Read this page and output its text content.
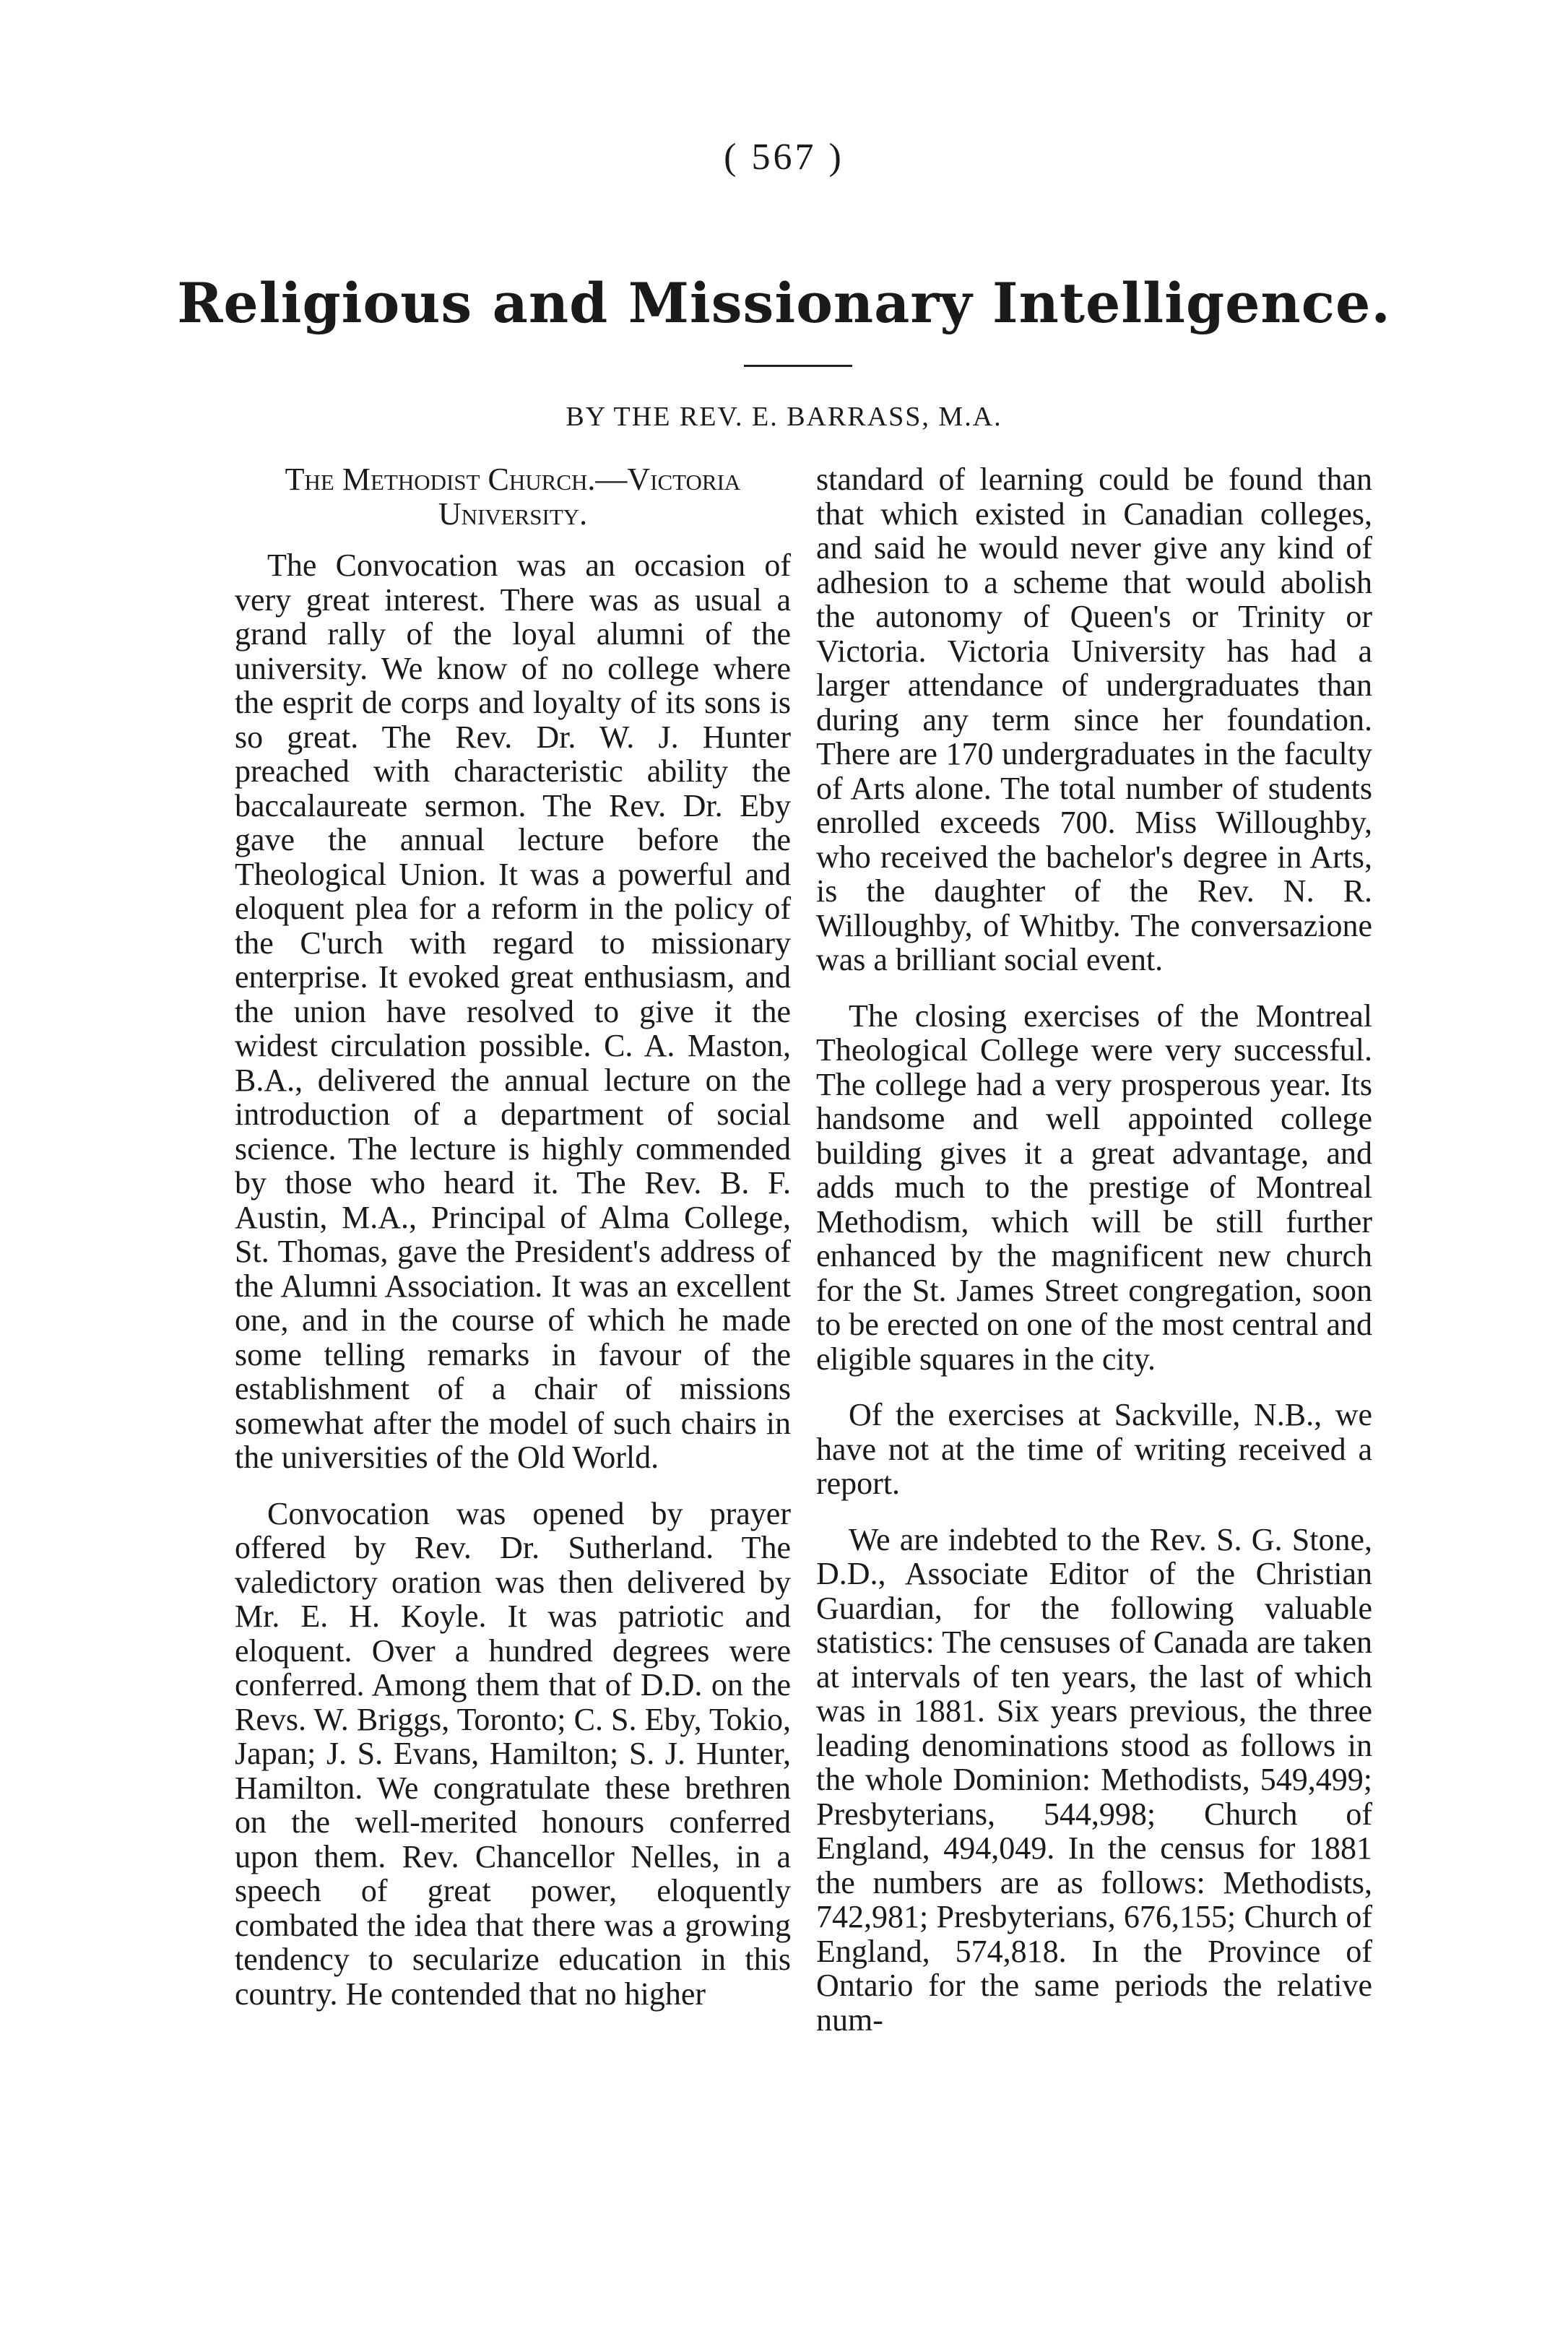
( 567 )
Religious and Missionary Intelligence.
BY THE REV. E. BARRASS, M.A.
The Methodist Church.—Victoria University.

The Convocation was an occasion of very great interest. There was as usual a grand rally of the loyal alumni of the university. We know of no college where the esprit de corps and loyalty of its sons is so great. The Rev. Dr. W. J. Hunter preached with characteristic ability the baccalaureate sermon. The Rev. Dr. Eby gave the annual lecture before the Theological Union. It was a powerful and eloquent plea for a reform in the policy of the C'urch with regard to missionary enterprise. It evoked great enthusiasm, and the union have resolved to give it the widest circulation possible. C. A. Maston, B.A., delivered the annual lecture on the introduction of a department of social science. The lecture is highly commended by those who heard it. The Rev. B. F. Austin, M.A., Principal of Alma College, St. Thomas, gave the President's address of the Alumni Association. It was an excellent one, and in the course of which he made some telling remarks in favour of the establishment of a chair of missions somewhat after the model of such chairs in the universities of the Old World.

Convocation was opened by prayer offered by Rev. Dr. Sutherland. The valedictory oration was then delivered by Mr. E. H. Koyle. It was patriotic and eloquent. Over a hundred degrees were conferred. Among them that of D.D. on the Revs. W. Briggs, Toronto; C. S. Eby, Tokio, Japan; J. S. Evans, Hamilton; S. J. Hunter, Hamilton. We congratulate these brethren on the well-merited honours conferred upon them. Rev. Chancellor Nelles, in a speech of great power, eloquently combated the idea that there was a growing tendency to secularize education in this country. He contended that no higher

standard of learning could be found than that which existed in Canadian colleges, and said he would never give any kind of adhesion to a scheme that would abolish the autonomy of Queen's or Trinity or Victoria. Victoria University has had a larger attendance of undergraduates than during any term since her foundation. There are 170 undergraduates in the faculty of Arts alone. The total number of students enrolled exceeds 700. Miss Willoughby, who received the bachelor's degree in Arts, is the daughter of the Rev. N. R. Willoughby, of Whitby. The conversazione was a brilliant social event.

The closing exercises of the Montreal Theological College were very successful. The college had a very prosperous year. Its handsome and well appointed college building gives it a great advantage, and adds much to the prestige of Montreal Methodism, which will be still further enhanced by the magnificent new church for the St. James Street congregation, soon to be erected on one of the most central and eligible squares in the city.

Of the exercises at Sackville, N.B., we have not at the time of writing received a report.

We are indebted to the Rev. S. G. Stone, D.D., Associate Editor of the Christian Guardian, for the following valuable statistics: The censuses of Canada are taken at intervals of ten years, the last of which was in 1881. Six years previous, the three leading denominations stood as follows in the whole Dominion: Methodists, 549,499; Presbyterians, 544,998; Church of England, 494,049. In the census for 1881 the numbers are as follows: Methodists, 742,981; Presbyterians, 676,155; Church of England, 574,818. In the Province of Ontario for the same periods the relative num-
